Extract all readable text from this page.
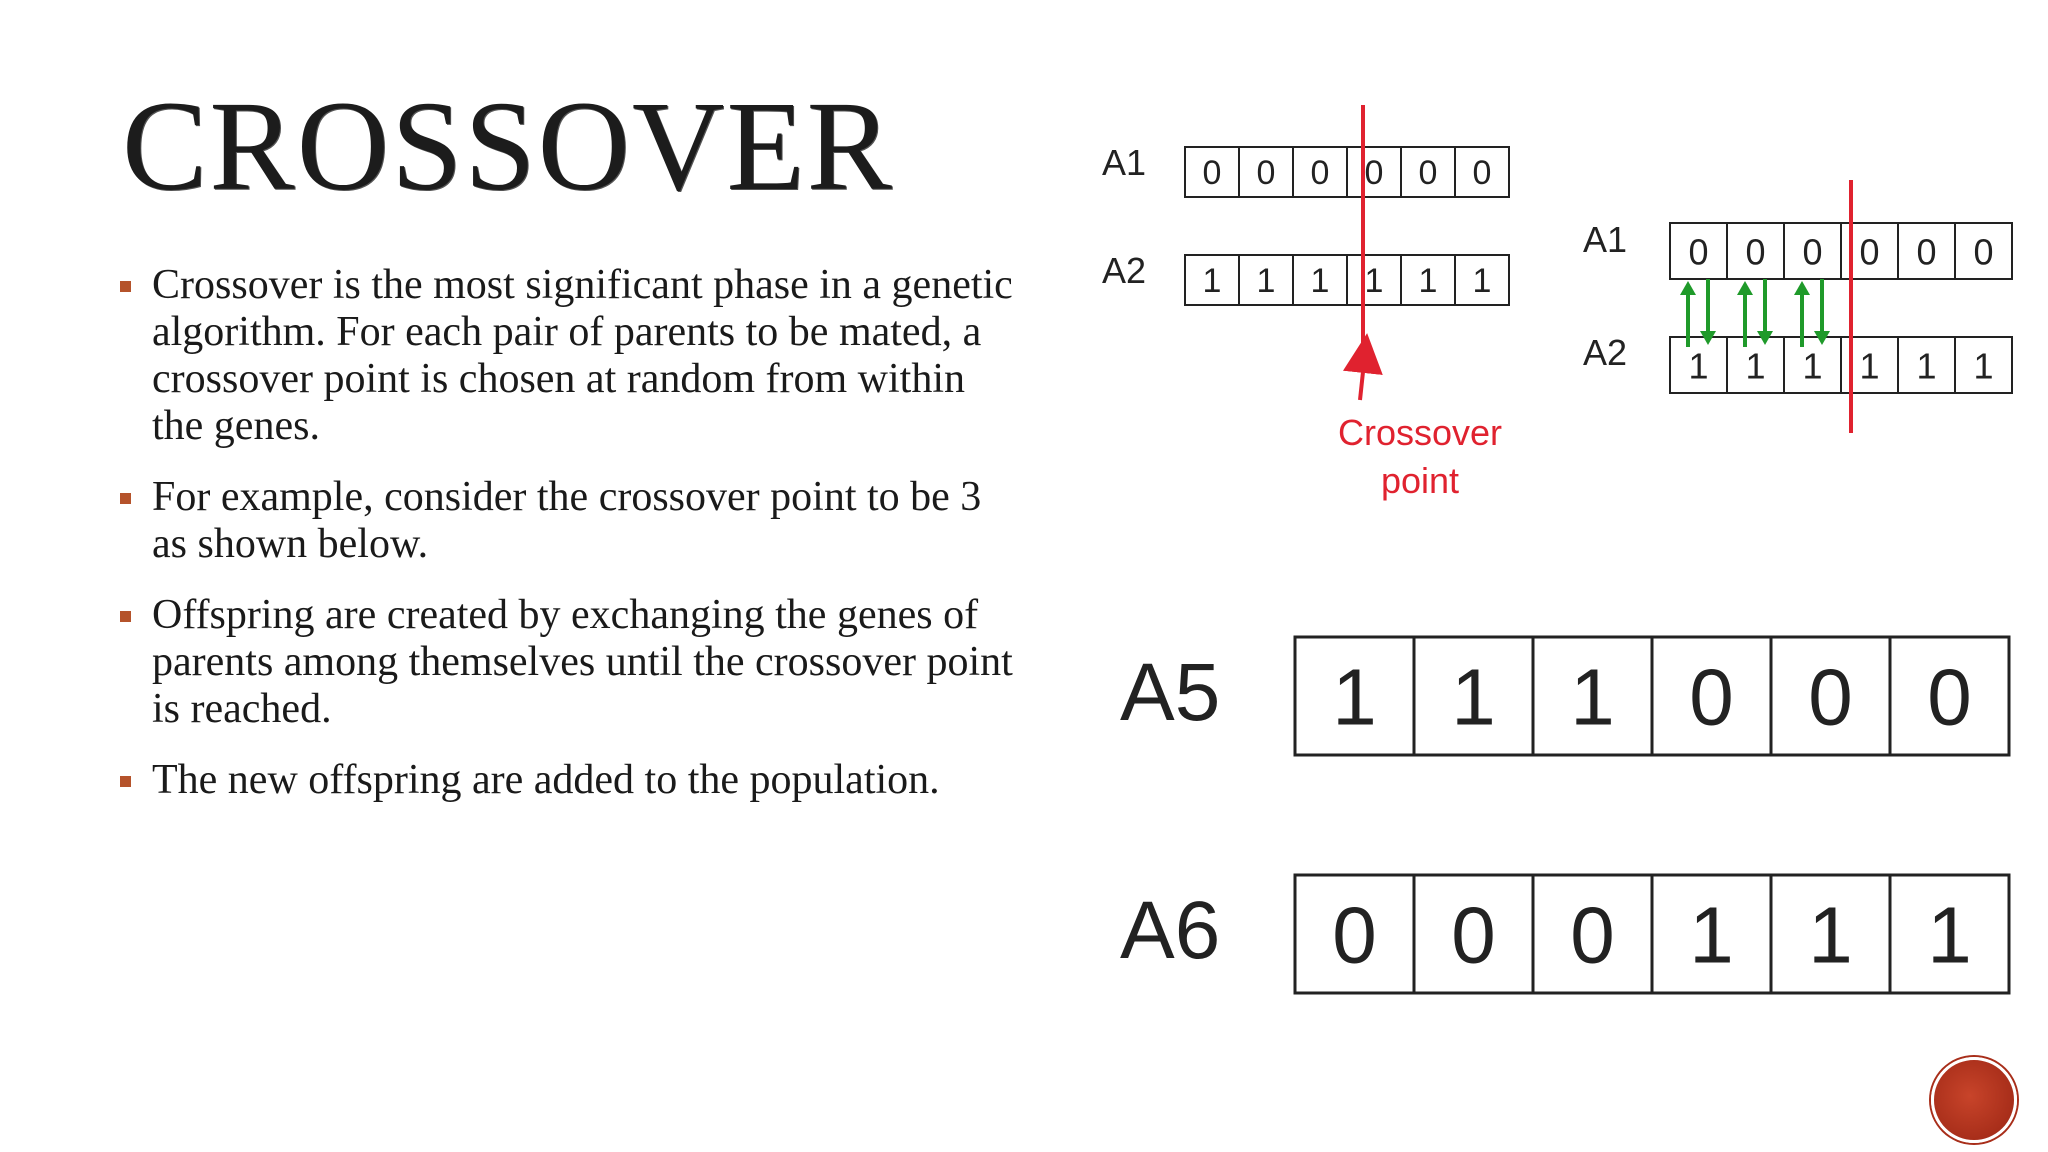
CROSSOVER
Crossover is the most significant phase in a genetic algorithm. For each pair of parents to be mated, a crossover point is chosen at random from within the genes.
For example, consider the crossover point to be 3 as shown below.
Offspring are created by exchanging the genes of parents among themselves until the crossover point is reached.
The new offspring are added to the population.
Crossover
point
A1 0 0 0 0 0 0
A2 1 1 1 1 1 1
A1 0 0 0 0 0 0
A2 1 1 1 1 1 1
A5 1 1 1 0 0 0
A6 0 0 0 1 1 1
